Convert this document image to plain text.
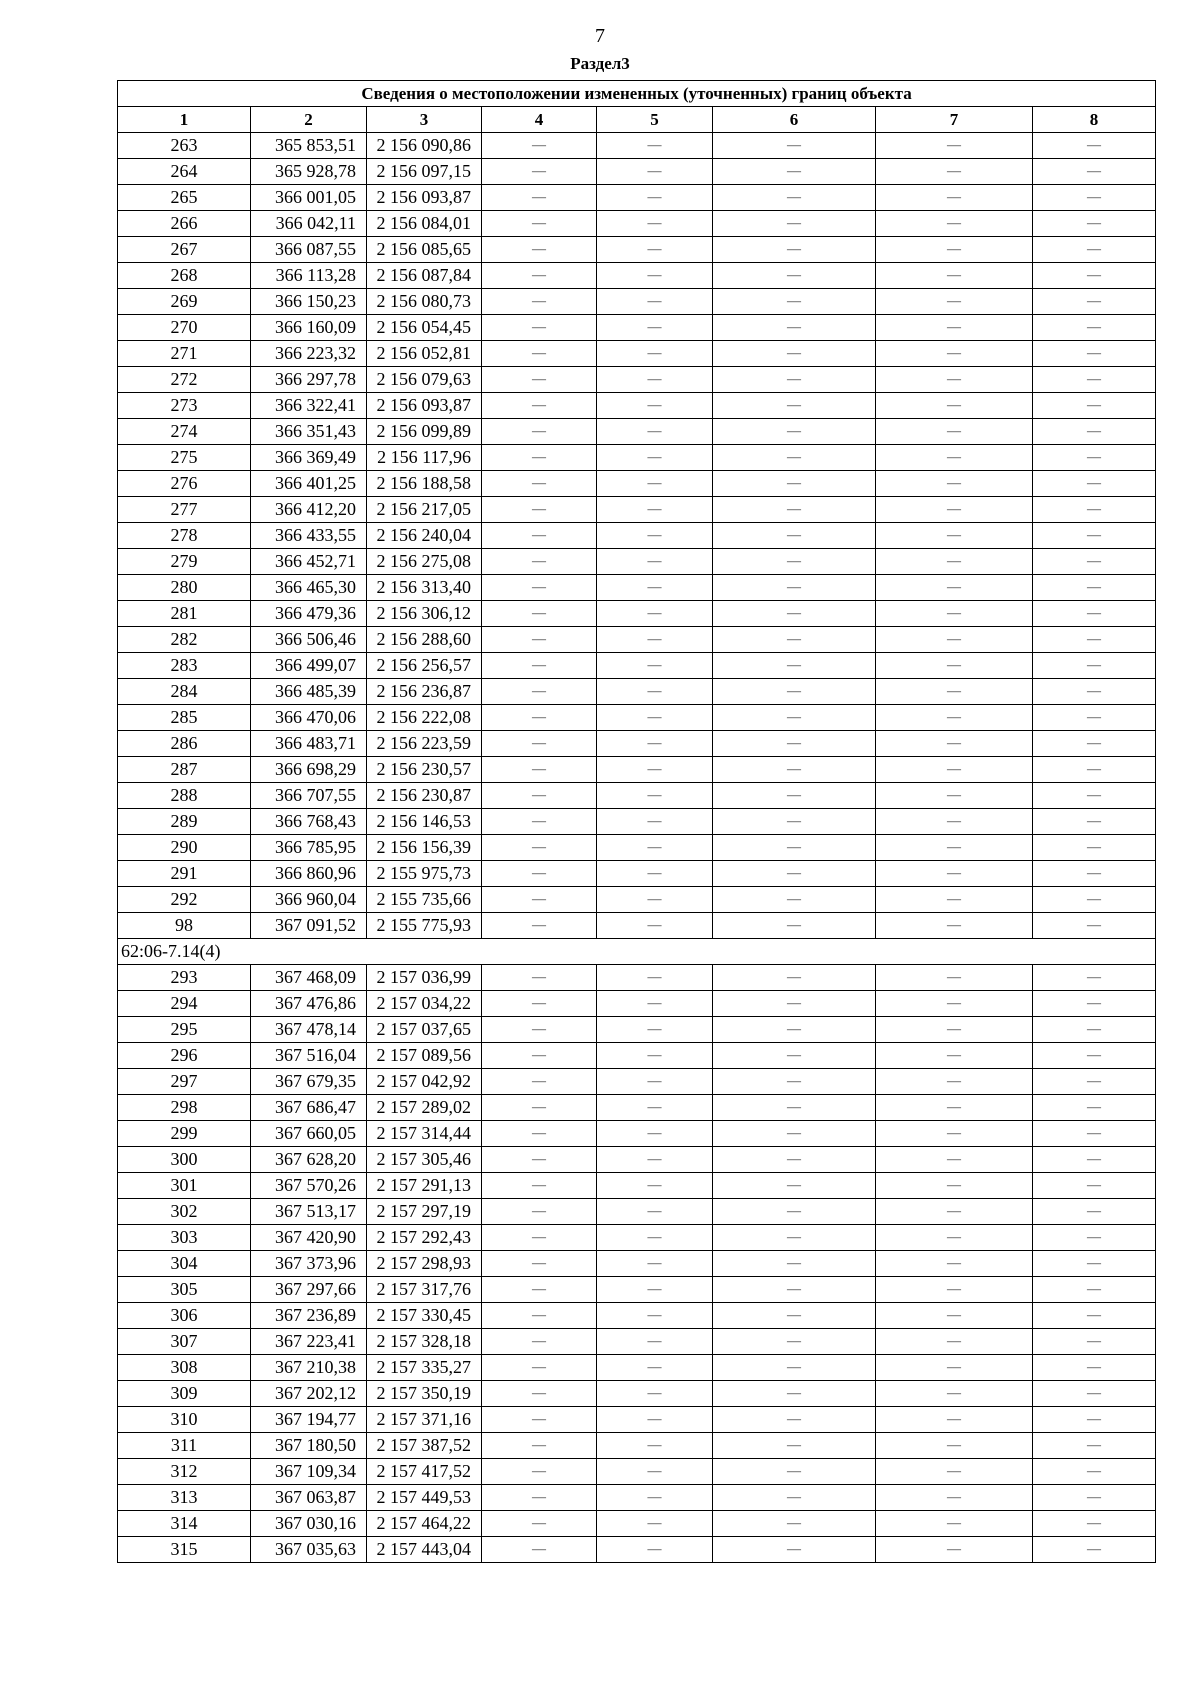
7
Раздел3
Сведения о местоположении измененных (уточненных) границ объекта							
1	2	3	4	5	6	7	8
263	365 853,51	2 156 090,86	—	—	—	—	—
264	365 928,78	2 156 097,15	—	—	—	—	—
265	366 001,05	2 156 093,87	—	—	—	—	—
266	366 042,11	2 156 084,01	—	—	—	—	—
267	366 087,55	2 156 085,65	—	—	—	—	—
268	366 113,28	2 156 087,84	—	—	—	—	—
269	366 150,23	2 156 080,73	—	—	—	—	—
270	366 160,09	2 156 054,45	—	—	—	—	—
271	366 223,32	2 156 052,81	—	—	—	—	—
272	366 297,78	2 156 079,63	—	—	—	—	—
273	366 322,41	2 156 093,87	—	—	—	—	—
274	366 351,43	2 156 099,89	—	—	—	—	—
275	366 369,49	2 156 117,96	—	—	—	—	—
276	366 401,25	2 156 188,58	—	—	—	—	—
277	366 412,20	2 156 217,05	—	—	—	—	—
278	366 433,55	2 156 240,04	—	—	—	—	—
279	366 452,71	2 156 275,08	—	—	—	—	—
280	366 465,30	2 156 313,40	—	—	—	—	—
281	366 479,36	2 156 306,12	—	—	—	—	—
282	366 506,46	2 156 288,60	—	—	—	—	—
283	366 499,07	2 156 256,57	—	—	—	—	—
284	366 485,39	2 156 236,87	—	—	—	—	—
285	366 470,06	2 156 222,08	—	—	—	—	—
286	366 483,71	2 156 223,59	—	—	—	—	—
287	366 698,29	2 156 230,57	—	—	—	—	—
288	366 707,55	2 156 230,87	—	—	—	—	—
289	366 768,43	2 156 146,53	—	—	—	—	—
290	366 785,95	2 156 156,39	—	—	—	—	—
291	366 860,96	2 155 975,73	—	—	—	—	—
292	366 960,04	2 155 735,66	—	—	—	—	—
98	367 091,52	2 155 775,93	—	—	—	—	—
62:06-7.14(4)							
293	367 468,09	2 157 036,99	—	—	—	—	—
294	367 476,86	2 157 034,22	—	—	—	—	—
295	367 478,14	2 157 037,65	—	—	—	—	—
296	367 516,04	2 157 089,56	—	—	—	—	—
297	367 679,35	2 157 042,92	—	—	—	—	—
298	367 686,47	2 157 289,02	—	—	—	—	—
299	367 660,05	2 157 314,44	—	—	—	—	—
300	367 628,20	2 157 305,46	—	—	—	—	—
301	367 570,26	2 157 291,13	—	—	—	—	—
302	367 513,17	2 157 297,19	—	—	—	—	—
303	367 420,90	2 157 292,43	—	—	—	—	—
304	367 373,96	2 157 298,93	—	—	—	—	—
305	367 297,66	2 157 317,76	—	—	—	—	—
306	367 236,89	2 157 330,45	—	—	—	—	—
307	367 223,41	2 157 328,18	—	—	—	—	—
308	367 210,38	2 157 335,27	—	—	—	—	—
309	367 202,12	2 157 350,19	—	—	—	—	—
310	367 194,77	2 157 371,16	—	—	—	—	—
311	367 180,50	2 157 387,52	—	—	—	—	—
312	367 109,34	2 157 417,52	—	—	—	—	—
313	367 063,87	2 157 449,53	—	—	—	—	—
314	367 030,16	2 157 464,22	—	—	—	—	—
315	367 035,63	2 157 443,04	—	—	—	—	—
